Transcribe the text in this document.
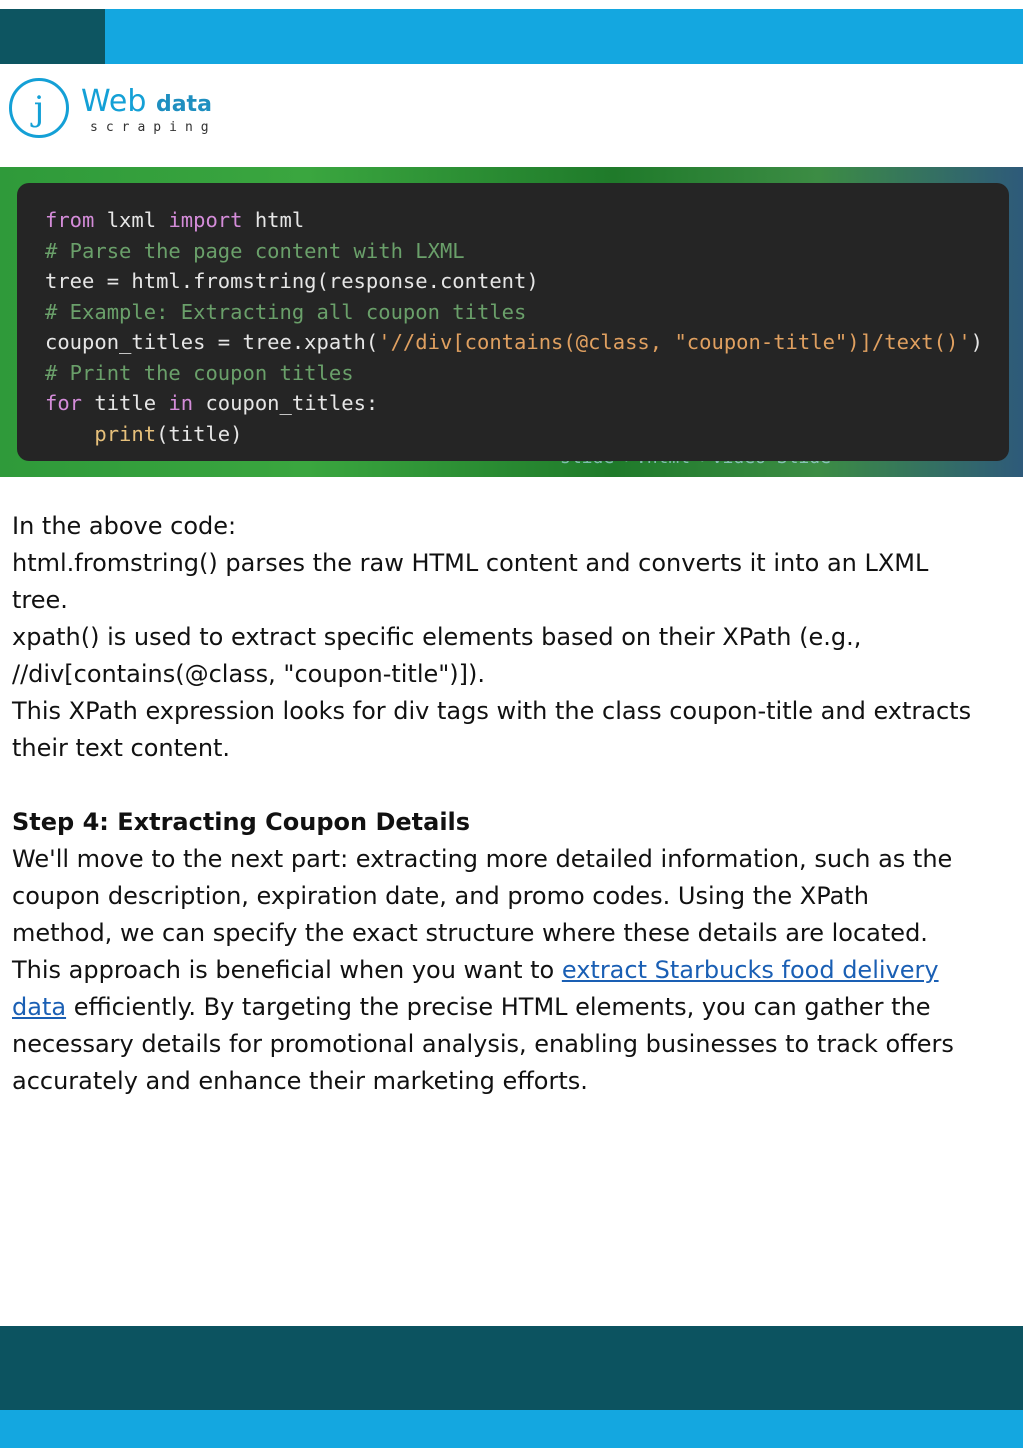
j	Web data
scraping
from lxml import html
# Parse the page content with LXML
tree = html.fromstring(response.content)
# Example: Extracting all coupon titles
coupon_titles = tree.xpath('//div[contains(@class, "coupon-title")]/text()')
# Print the coupon titles
for title in coupon_titles:
print(title)
In the above code:
html.fromstring() parses the raw HTML content and converts it into an LXML
tree.
xpath() is used to extract specific elements based on their XPath (e.g.,
//div[contains(@class, "coupon-title")]).
This XPath expression looks for div tags with the class coupon-title and extracts
their text content.
Step 4: Extracting Coupon Details
We'll move to the next part: extracting more detailed information, such as the
coupon description, expiration date, and promo codes. Using the XPath
method, we can specify the exact structure where these details are located.
This approach is beneficial when you want to extract Starbucks food delivery
data efficiently. By targeting the precise HTML elements, you can gather the
necessary details for promotional analysis, enabling businesses to track offers
accurately and enhance their marketing efforts.
